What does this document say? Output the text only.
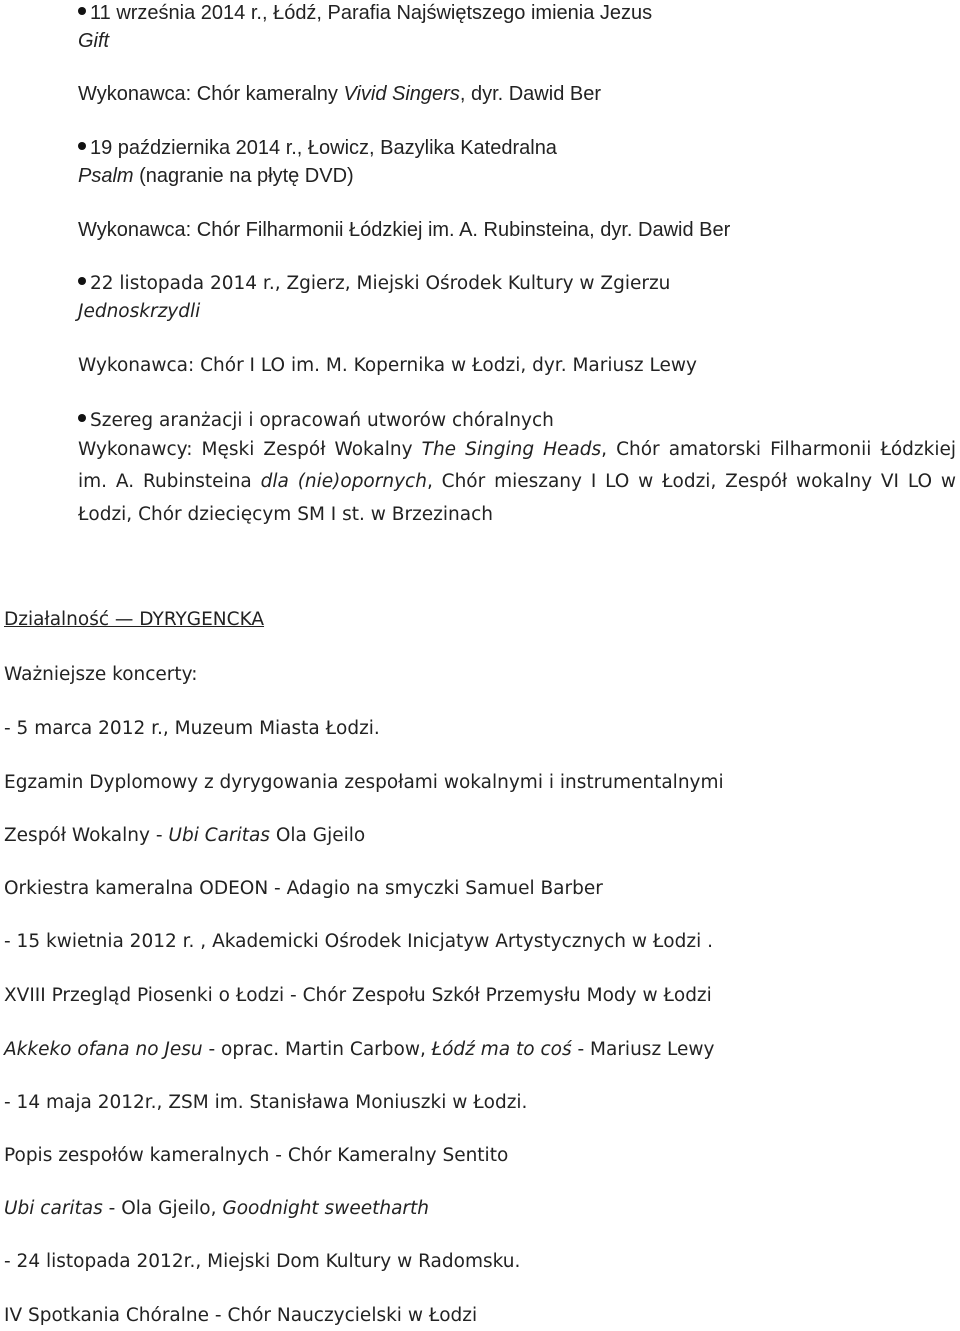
11 września 2014 r., Łódź, Parafia Najświętszego imienia Jezus
Gift
Wykonawca: Chór kameralny Vivid Singers, dyr. Dawid Ber
19 października 2014 r., Łowicz, Bazylika Katedralna
Psalm (nagranie na płytę DVD)
Wykonawca: Chór Filharmonii Łódzkiej im. A. Rubinsteina, dyr. Dawid Ber
22 listopada 2014 r., Zgierz, Miejski Ośrodek Kultury w Zgierzu
Jednoskrzydli
Wykonawca: Chór I LO im. M. Kopernika w Łodzi, dyr. Mariusz Lewy
Szereg aranżacji i opracowań utworów chóralnych
Wykonawcy: Męski Zespół Wokalny The Singing Heads, Chór amatorski Filharmonii Łódzkiej
im. A. Rubinsteina dla (nie)opornych, Chór mieszany I LO w Łodzi, Zespół wokalny VI LO w
Łodzi, Chór dziecięcym SM I st. w Brzezinach
Działalność — DYRYGENCKA
Ważniejsze koncerty:
- 5 marca 2012 r., Muzeum Miasta Łodzi.
Egzamin Dyplomowy z dyrygowania zespołami wokalnymi i instrumentalnymi
Zespół Wokalny - Ubi Caritas Ola Gjeilo
Orkiestra kameralna ODEON - Adagio na smyczki Samuel Barber
- 15 kwietnia 2012 r. , Akademicki Ośrodek Inicjatyw Artystycznych w Łodzi .
XVIII Przegląd Piosenki o Łodzi - Chór Zespołu Szkół Przemysłu Mody w Łodzi
Akkeko ofana no Jesu - oprac. Martin Carbow, Łódź ma to coś - Mariusz Lewy
- 14 maja 2012r., ZSM im. Stanisława Moniuszki w Łodzi.
Popis zespołów kameralnych - Chór Kameralny Sentito
Ubi caritas - Ola Gjeilo, Goodnight sweetharth
- 24 listopada 2012r., Miejski Dom Kultury w Radomsku.
IV Spotkania Chóralne - Chór Nauczycielski w Łodzi
